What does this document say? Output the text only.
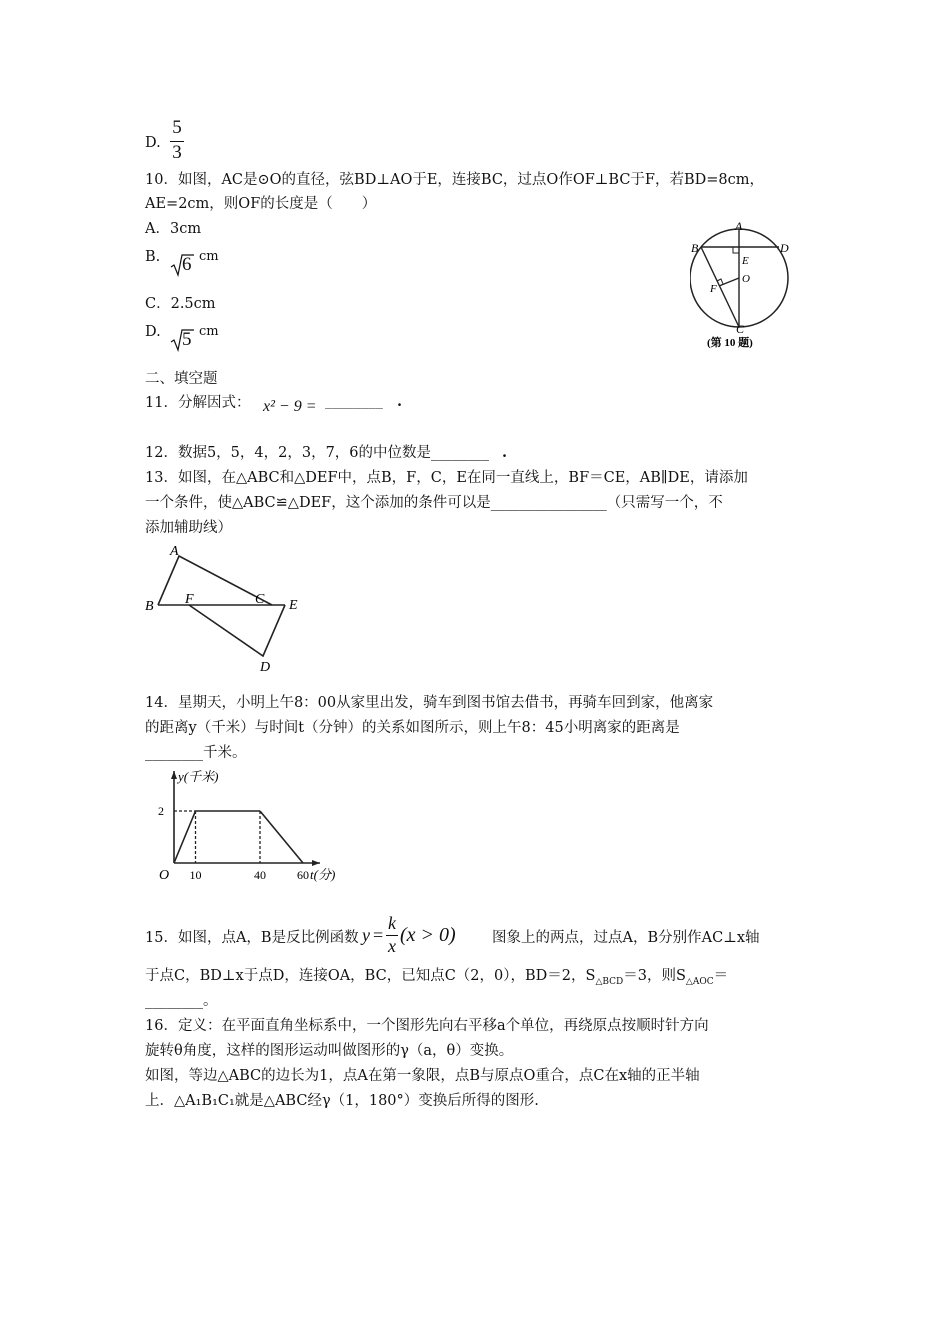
D.
5
3
10．如图，AC是⊙O的直径，弦BD⊥AO于E，连接BC，过点O作OF⊥BC于F，若BD=8cm，
AE=2cm，则OF的长度是（　　）
A．3cm
B. 6 cm
C．2.5cm
D. 5 cm
A
B	D
E
O
F
C
(第 10 题)
二、填空题
11．分解因式： x² − 9 = ________ .
12．数据5，5，4，2，3，7，6的中位数是________ .
13．如图，在△ABC和△DEF中，点B，F，C，E在同一直线上，BF＝CE，AB∥DE，请添加
一个条件，使△ABC≌△DEF，这个添加的条件可以是________________（只需写一个，不
添加辅助线）
A
B F	C E
D
14．星期天，小明上午8：00从家里出发，骑车到图书馆去借书，再骑车回到家，他离家
的距离y（千米）与时间t（分钟）的关系如图所示，则上午8：45小明离家的距离是
________千米。
10	40	60
2
O
y(千米)
t(分)
15．如图，点A，B是反比例函数 y =
k
x (x > 0)	图象上的两点，过点A，B分别作AC⊥x轴
于点C，BD⊥x于点D，连接OA，BC，已知点C（2，0），BD＝2，$S_{\triangle BCD}=3$，则$S_{\triangle AOC}=$
________。
16．定义：在平面直角坐标系中，一个图形先向右平移a个单位，再绕原点按顺时针方向
旋转θ角度，这样的图形运动叫做图形的γ（a，θ）变换。
如图，等边△ABC的边长为1，点A在第一象限，点B与原点O重合，点C在x轴的正半轴
上．△A₁B₁C₁就是△ABC经γ（1，180°）变换后所得的图形.
